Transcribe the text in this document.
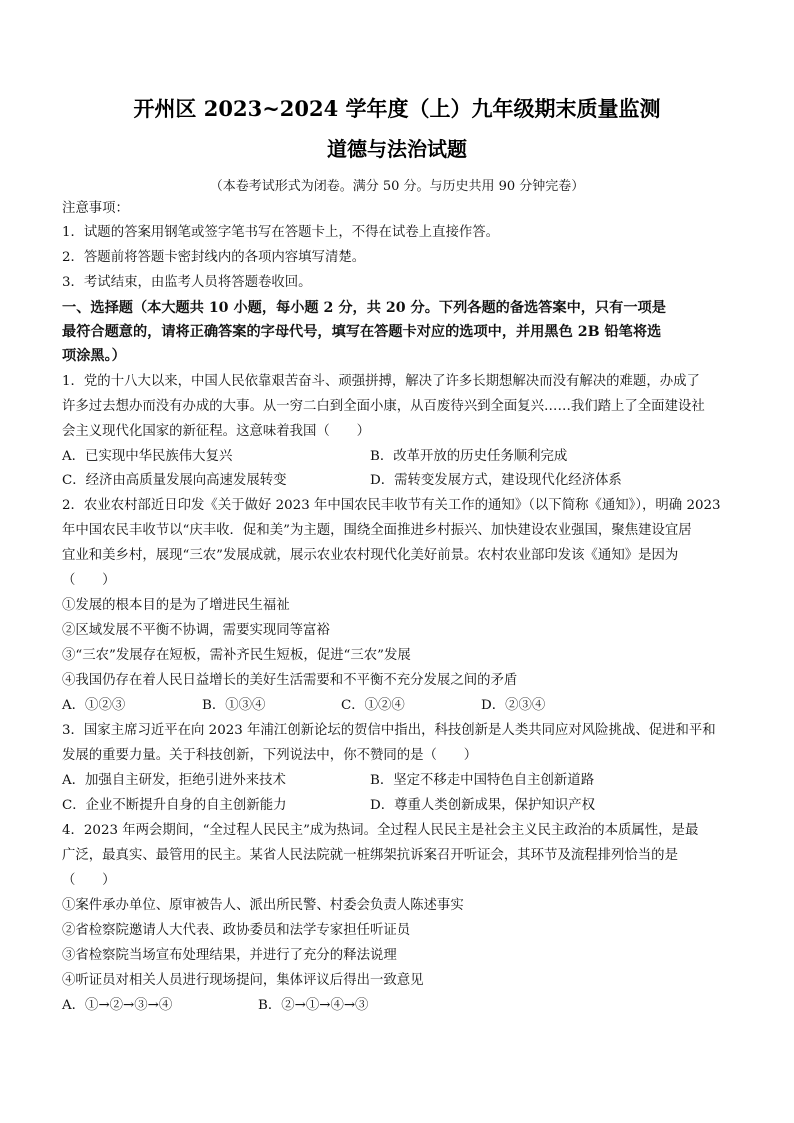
开州区 2023~2024 学年度（上）九年级期末质量监测
道德与法治试题
（本卷考试形式为闭卷。满分 50 分。与历史共用 90 分钟完卷）
注意事项：
1．试题的答案用钢笔或签字笔书写在答题卡上，不得在试卷上直接作答。
2．答题前将答题卡密封线内的各项内容填写清楚。
3．考试结束，由监考人员将答题卷收回。
一、选择题（本大题共 10 小题，每小题 2 分，共 20 分。下列各题的备选答案中，只有一项是
最符合题意的，请将正确答案的字母代号，填写在答题卡对应的选项中，并用黑色 2B 铅笔将选
项涂黑。）
1．党的十八大以来，中国人民依靠艰苦奋斗、顽强拼搏，解决了许多长期想解决而没有解决的难题，办成了
许多过去想办而没有办成的大事。从一穷二白到全面小康，从百废待兴到全面复兴……我们踏上了全面建设社
会主义现代化国家的新征程。这意味着我国（　　）
A．已实现中华民族伟大复兴	B．改革开放的历史任务顺利完成
C．经济由高质量发展向高速发展转变	D．需转变发展方式，建设现代化经济体系
2．农业农村部近日印发《关于做好 2023 年中国农民丰收节有关工作的通知》（以下简称《通知》），明确 2023
年中国农民丰收节以“庆丰收．促和美”为主题，围绕全面推进乡村振兴、加快建设农业强国，聚焦建设宜居
宜业和美乡村，展现“三农”发展成就，展示农业农村现代化美好前景。农村农业部印发该《通知》是因为
（　　）
①发展的根本目的是为了增进民生福祉
②区域发展不平衡不协调，需要实现同等富裕
③“三农”发展存在短板，需补齐民生短板，促进“三农”发展
④我国仍存在着人民日益增长的美好生活需要和不平衡不充分发展之间的矛盾
A．①②③	B．①③④	C．①②④	D．②③④
3．国家主席习近平在向 2023 年浦江创新论坛的贺信中指出，科技创新是人类共同应对风险挑战、促进和平和
发展的重要力量。关于科技创新，下列说法中，你不赞同的是（　　）
A．加强自主研发，拒绝引进外来技术	B．坚定不移走中国特色自主创新道路
C．企业不断提升自身的自主创新能力	D．尊重人类创新成果，保护知识产权
4．2023 年两会期间，“全过程人民民主”成为热词。全过程人民民主是社会主义民主政治的本质属性，是最
广泛，最真实、最管用的民主。某省人民法院就一桩绑架抗诉案召开听证会，其环节及流程排列恰当的是
（　　）
①案件承办单位、原审被告人、派出所民警、村委会负责人陈述事实
②省检察院邀请人大代表、政协委员和法学专家担任听证员
③省检察院当场宣布处理结果，并进行了充分的释法说理
④听证员对相关人员进行现场提问，集体评议后得出一致意见
A．①→②→③→④	B．②→①→④→③
